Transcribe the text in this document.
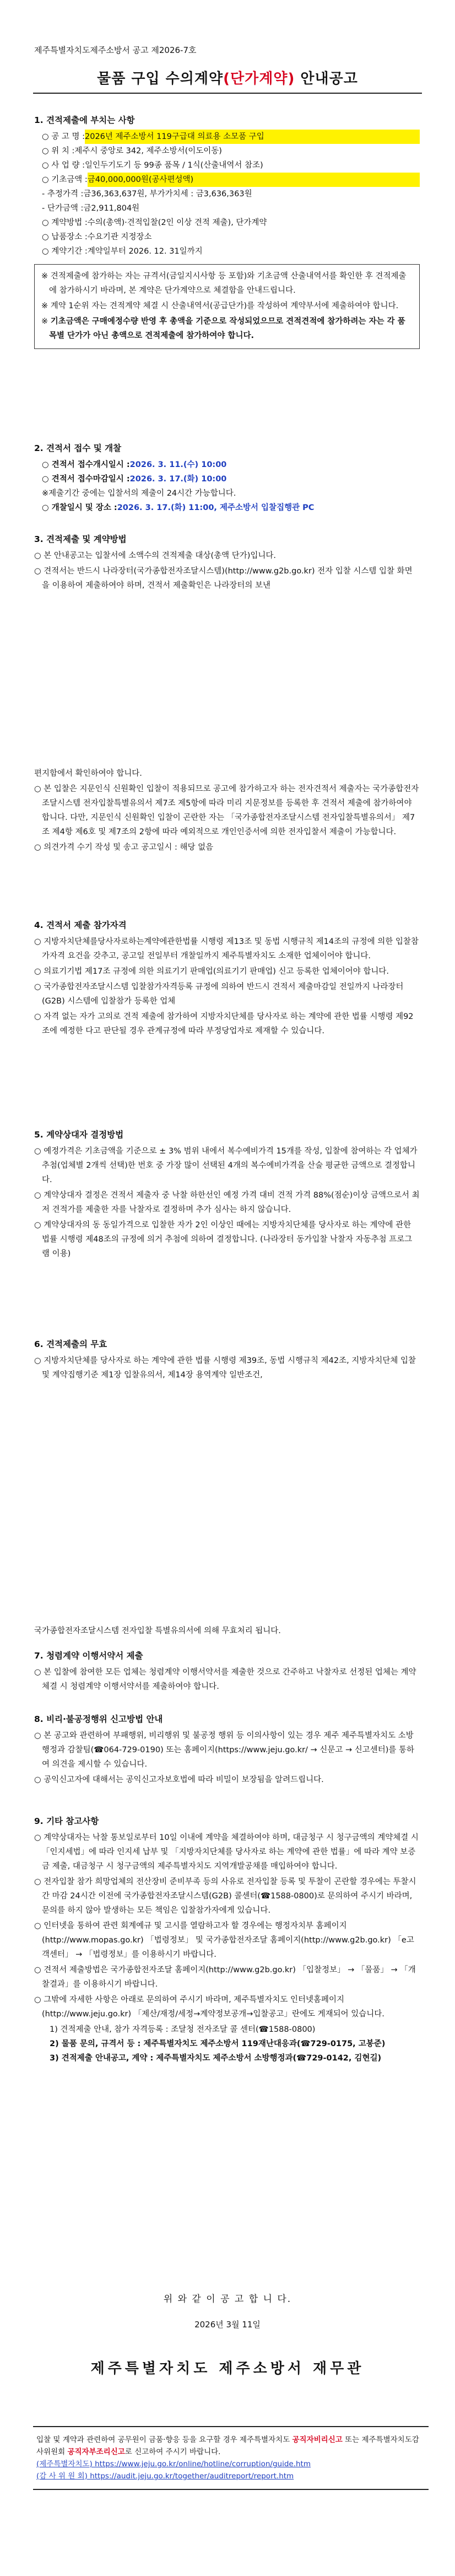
제주특별자치도제주소방서 공고 제2026-7호
물품 구입 수의계약(단가계약) 안내공고
1. 견적제출에 부치는 사항
○ 공 고 명 : 2026년 제주소방서 119구급대 의료용 소모품 구입
○ 위 치 : 제주시 중앙로 342, 제주소방서(이도이동)
○ 사 업 량 : 일인두기도기 등 99종 품목 / 1식(산출내역서 참조)
○ 기초금액 : 금40,000,000원(공사편성액)
- 추정가격 : 금36,363,637원, 부가가치세 : 금3,636,363원
- 단가금액 : 금2,911,804원
○ 계약방법 : 수의(총액)·견적입찰(2인 이상 견적 제출), 단가계약
○ 납품장소 : 수요기관 지정장소
○ 계약기간 : 계약일부터 2026. 12. 31일까지
※ 견적제출에 참가하는 자는 규격서(금일지시사항 등 포함)와 기초금액 산출내역서를 확인한 후 견적제출에 참가하시기 바라며, 본 계약은 단가계약으로 체결함을 안내드립니다.
※ 계약 1순위 자는 견적계약 체결 시 산출내역서(공급단가)를 작성하여 계약부서에 제출하여야 합니다.
※ 기초금액은 구매예정수량 반영 후 총액을 기준으로 작성되었으므로 견적견적에 참가하려는 자는 각 품목별 단가가 아닌 총액으로 견적제출에 참가하여야 합니다.
2. 견적서 접수 및 개찰
○ 견적서 접수개시일시 : 2026. 3. 11.(수) 10:00
○ 견적서 접수마감일시 : 2026. 3. 17.(화) 10:00
※ 제출기간 중에는 입찰서의 제출이 24시간 가능합니다.
○ 개찰일시 및 장소 : 2026. 3. 17.(화) 11:00, 제주소방서 입찰집행관 PC
3. 견적제출 및 계약방법
○ 본 안내공고는 입찰서에 소액수의 견적제출 대상(총액 단가)입니다.
○ 견적서는 반드시 나라장터(국가종합전자조달시스템)(http://www.g2b.go.kr) 전자 입찰 시스템 입찰 화면을 이용하여 제출하여야 하며, 견적서 제출확인은 나라장터의 보낸
편지함에서 확인하여야 합니다.
○ 본 입찰은 지문인식 신원확인 입찰이 적용되므로 공고에 참가하고자 하는 전자견적서 제출자는 국가종합전자조달시스템 전자입찰특별유의서 제7조 제5항에 따라 미리 지문정보를 등록한 후 견적서 제출에 참가하여야 합니다. 다만, 지문인식 신원확인 입찰이 곤란한 자는 「국가종합전자조달시스템 전자입찰특별유의서」 제7조 제4항 제6호 및 제7조의 2항에 따라 예외적으로 개인인증서에 의한 전자입찰서 제출이 가능합니다.
○ 의견가격 수기 작성 및 송고 공고일시 : 해당 없음
4. 견적서 제출 참가자격
○ 지방자치단체를당사자로하는계약에관한법률 시행령 제13조 및 동법 시행규칙 제14조의 규정에 의한 입찰참가자격 요건을 갖추고, 공고일 전일부터 개찰일까지 제주특별자치도 소재한 업체이어야 합니다.
○ 의료기기법 제17조 규정에 의한 의료기기 판매업(의료기기 판매업) 신고 등록한 업체이어야 합니다.
○ 국가종합전자조달시스템 입찰참가자격등록 규정에 의하여 반드시 견적서 제출마감일 전일까지 나라장터(G2B) 시스템에 입찰참가 등록한 업체
○ 자격 없는 자가 고의로 견적 제출에 참가하여 지방자치단체를 당사자로 하는 계약에 관한 법률 시행령 제92조에 예정한 다고 판단될 경우 관계규정에 따라 부정당업자로 제재할 수 있습니다.
5. 계약상대자 결정방법
○ 예정가격은 기초금액을 기준으로 ± 3% 범위 내에서 복수예비가격 15개를 작성, 입찰에 참여하는 각 업체가 추첨(업체별 2개씩 선택)한 번호 중 가장 많이 선택된 4개의 복수예비가격을 산술 평균한 금액으로 결정합니다.
○ 계약상대자 결정은 견적서 제출자 중 낙찰 하한선인 예정 가격 대비 견적 가격 88%(점순)이상 금액으로서 최저 견적가를 제출한 자를 낙찰자로 결정하며 추가 심사는 하지 않습니다.
○ 계약상대자의 동 동일가격으로 입찰한 자가 2인 이상인 때에는 지방자치단체를 당사자로 하는 계약에 관한 법률 시행령 제48조의 규정에 의거 추첨에 의하여 결정합니다. (나라장터 동가입찰 낙찰자 자동추첨 프로그램 이용)
6. 견적제출의 무효
○ 지방자치단체를 당사자로 하는 계약에 관한 법률 시행령 제39조, 동법 시행규칙 제42조, 지방자치단체 입찰 및 계약집행기준 제1장 입찰유의서, 제14장 용역계약 일반조건,
국가종합전자조달시스템 전자입찰 특별유의서에 의해 무효처리 됩니다.
7. 청렴계약 이행서약서 제출
○ 본 입찰에 참여한 모든 업체는 청렴계약 이행서약서를 제출한 것으로 간주하고 낙찰자로 선정된 업체는 계약 체결 시 청렴계약 이행서약서를 제출하여야 합니다.
8. 비리·불공정행위 신고방법 안내
○ 본 공고와 관련하여 부패행위, 비리행위 및 불공정 행위 등 이의사항이 있는 경우 제주 제주특별자치도 소방행정과 감찰팀(☎064-729-0190) 또는 홈페이지(https://www.jeju.go.kr/ → 신문고 → 신고센터)를 통하여 의견을 제시할 수 있습니다.
○ 공익신고자에 대해서는 공익신고자보호법에 따라 비밀이 보장됨을 알려드립니다.
9. 기타 참고사항
○ 계약상대자는 낙찰 통보일로부터 10일 이내에 계약을 체결하여야 하며, 대금청구 시 청구금액의 계약체결 시 「인지세법」에 따라 인지세 납부 및 「지방자치단체를 당사자로 하는 계약에 관한 법률」에 따라 계약 보증금 제출, 대금청구 시 청구금액의 제주특별자치도 지역개발공채를 매입하여야 합니다.
○ 전자입찰 참가 희망업체의 전산장비 준비부족 등의 사유로 전자입찰 등록 및 투찰이 곤란할 경우에는 투찰시간 마감 24시간 이전에 국가종합전자조달시스템(G2B) 콜센터(☎1588-0800)로 문의하여 주시기 바라며, 문의를 하지 않아 발생하는 모든 책임은 입찰참가자에게 있습니다.
○ 인터넷을 통하여 관련 회계예규 및 고시를 열람하고자 할 경우에는 행정자치부 홈페이지(http://www.mopas.go.kr) 「법령정보」 및 국가종합전자조달 홈페이지(http://www.g2b.go.kr) 「e고객센터」 → 「법령정보」를 이용하시기 바랍니다.
○ 견적서 제출방법은 국가종합전자조달 홈페이지(http://www.g2b.go.kr) 「입찰정보」 → 「물품」 → 「개찰결과」를 이용하시기 바랍니다.
○ 그밖에 자세한 사항은 아래로 문의하여 주시기 바라며, 제주특별자치도 인터넷홈페이지(http://www.jeju.go.kr) 「제산/재정/세정→계약정보공개→입찰공고」란에도 게재되어 있습니다.
1) 견적제출 안내, 참가 자격등록 : 조달청 전자조달 콜 센터(☎1588-0800)
2) 물품 문의, 규격서 등 : 제주특별자치도 제주소방서 119재난대응과(☎729-0175, 고봉준)
3) 견적제출 안내공고, 계약 : 제주특별자치도 제주소방서 소방행정과(☎729-0142, 김현길)
위 와 같 이 공 고 합 니 다.
2026년 3월 11일
제주특별자치도 제주소방서 재무관
입찰 및 계약과 관련하여 공무원이 금품·향응 등을 요구할 경우 제주특별자치도 공직자비리신고 또는 제주특별자치도감사위원회 공직자부조리신고로 신고하여 주시기 바랍니다.
(제주특별자치도) https://www.jeju.go.kr/online/hotline/corruption/guide.htm
(감 사 위 원 회) https://audit.jeju.go.kr/together/auditreport/report.htm
